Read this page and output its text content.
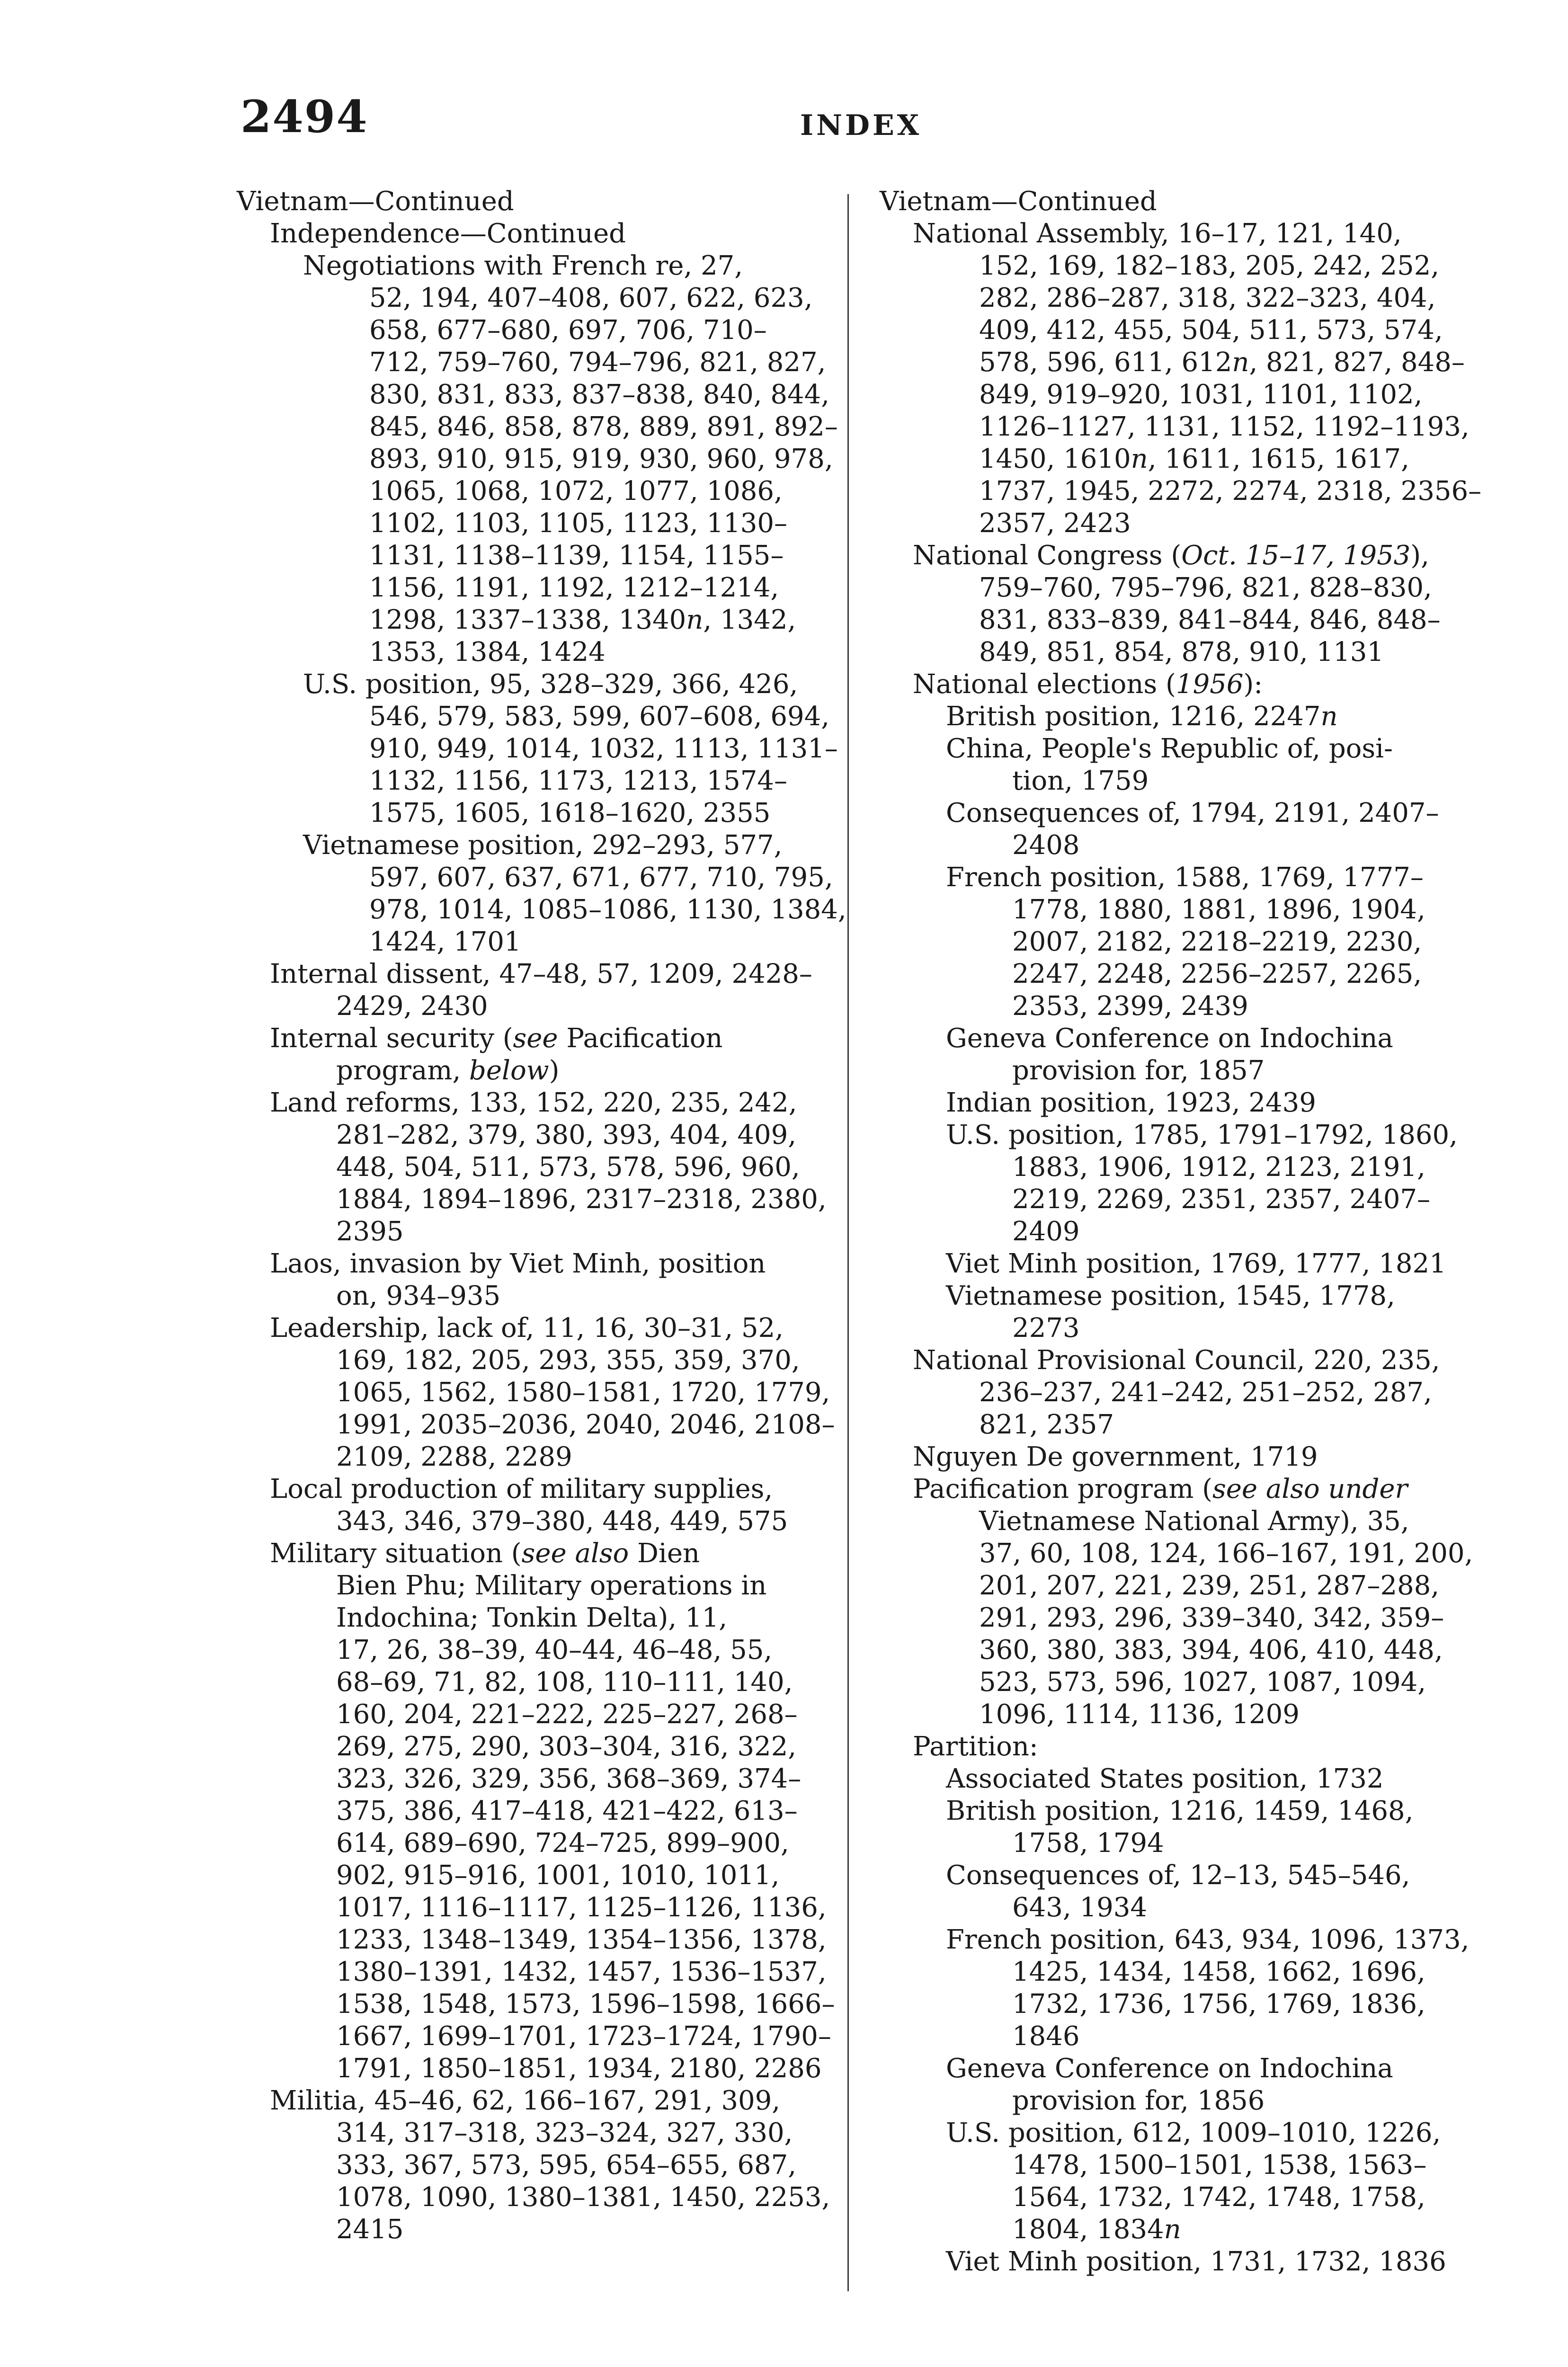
2494	INDEX
Vietnam—Continued
Independence—Continued
Negotiations with French re, 27,
52, 194, 407–408, 607, 622, 623,
658, 677–680, 697, 706, 710–
712, 759–760, 794–796, 821, 827,
830, 831, 833, 837–838, 840, 844,
845, 846, 858, 878, 889, 891, 892–
893, 910, 915, 919, 930, 960, 978,
1065, 1068, 1072, 1077, 1086,
1102, 1103, 1105, 1123, 1130–
1131, 1138–1139, 1154, 1155–
1156, 1191, 1192, 1212–1214,
1298, 1337–1338, 1340n, 1342,
1353, 1384, 1424
U.S. position, 95, 328–329, 366, 426,
546, 579, 583, 599, 607–608, 694,
910, 949, 1014, 1032, 1113, 1131–
1132, 1156, 1173, 1213, 1574–
1575, 1605, 1618–1620, 2355
Vietnamese position, 292–293, 577,
597, 607, 637, 671, 677, 710, 795,
978, 1014, 1085–1086, 1130, 1384,
1424, 1701
Internal dissent, 47–48, 57, 1209, 2428–
2429, 2430
Internal security (see Pacification
program, below)
Land reforms, 133, 152, 220, 235, 242,
281–282, 379, 380, 393, 404, 409,
448, 504, 511, 573, 578, 596, 960,
1884, 1894–1896, 2317–2318, 2380,
2395
Laos, invasion by Viet Minh, position
on, 934–935
Leadership, lack of, 11, 16, 30–31, 52,
169, 182, 205, 293, 355, 359, 370,
1065, 1562, 1580–1581, 1720, 1779,
1991, 2035–2036, 2040, 2046, 2108–
2109, 2288, 2289
Local production of military supplies,
343, 346, 379–380, 448, 449, 575
Military situation (see also Dien
Bien Phu; Military operations in
Indochina; Tonkin Delta), 11,
17, 26, 38–39, 40–44, 46–48, 55,
68–69, 71, 82, 108, 110–111, 140,
160, 204, 221–222, 225–227, 268–
269, 275, 290, 303–304, 316, 322,
323, 326, 329, 356, 368–369, 374–
375, 386, 417–418, 421–422, 613–
614, 689–690, 724–725, 899–900,
902, 915–916, 1001, 1010, 1011,
1017, 1116–1117, 1125–1126, 1136,
1233, 1348–1349, 1354–1356, 1378,
1380–1391, 1432, 1457, 1536–1537,
1538, 1548, 1573, 1596–1598, 1666–
1667, 1699–1701, 1723–1724, 1790–
1791, 1850–1851, 1934, 2180, 2286
Militia, 45–46, 62, 166–167, 291, 309,
314, 317–318, 323–324, 327, 330,
333, 367, 573, 595, 654–655, 687,
1078, 1090, 1380–1381, 1450, 2253,
2415
Vietnam—Continued
National Assembly, 16–17, 121, 140,
152, 169, 182–183, 205, 242, 252,
282, 286–287, 318, 322–323, 404,
409, 412, 455, 504, 511, 573, 574,
578, 596, 611, 612n, 821, 827, 848–
849, 919–920, 1031, 1101, 1102,
1126–1127, 1131, 1152, 1192–1193,
1450, 1610n, 1611, 1615, 1617,
1737, 1945, 2272, 2274, 2318, 2356–
2357, 2423
National Congress (Oct. 15–17, 1953),
759–760, 795–796, 821, 828–830,
831, 833–839, 841–844, 846, 848–
849, 851, 854, 878, 910, 1131
National elections (1956):
British position, 1216, 2247n
China, People's Republic of, posi-
tion, 1759
Consequences of, 1794, 2191, 2407–
2408
French position, 1588, 1769, 1777–
1778, 1880, 1881, 1896, 1904,
2007, 2182, 2218–2219, 2230,
2247, 2248, 2256–2257, 2265,
2353, 2399, 2439
Geneva Conference on Indochina
provision for, 1857
Indian position, 1923, 2439
U.S. position, 1785, 1791–1792, 1860,
1883, 1906, 1912, 2123, 2191,
2219, 2269, 2351, 2357, 2407–
2409
Viet Minh position, 1769, 1777, 1821
Vietnamese position, 1545, 1778,
2273
National Provisional Council, 220, 235,
236–237, 241–242, 251–252, 287,
821, 2357
Nguyen De government, 1719
Pacification program (see also under
Vietnamese National Army), 35,
37, 60, 108, 124, 166–167, 191, 200,
201, 207, 221, 239, 251, 287–288,
291, 293, 296, 339–340, 342, 359–
360, 380, 383, 394, 406, 410, 448,
523, 573, 596, 1027, 1087, 1094,
1096, 1114, 1136, 1209
Partition:
Associated States position, 1732
British position, 1216, 1459, 1468,
1758, 1794
Consequences of, 12–13, 545–546,
643, 1934
French position, 643, 934, 1096, 1373,
1425, 1434, 1458, 1662, 1696,
1732, 1736, 1756, 1769, 1836,
1846
Geneva Conference on Indochina
provision for, 1856
U.S. position, 612, 1009–1010, 1226,
1478, 1500–1501, 1538, 1563–
1564, 1732, 1742, 1748, 1758,
1804, 1834n
Viet Minh position, 1731, 1732, 1836
